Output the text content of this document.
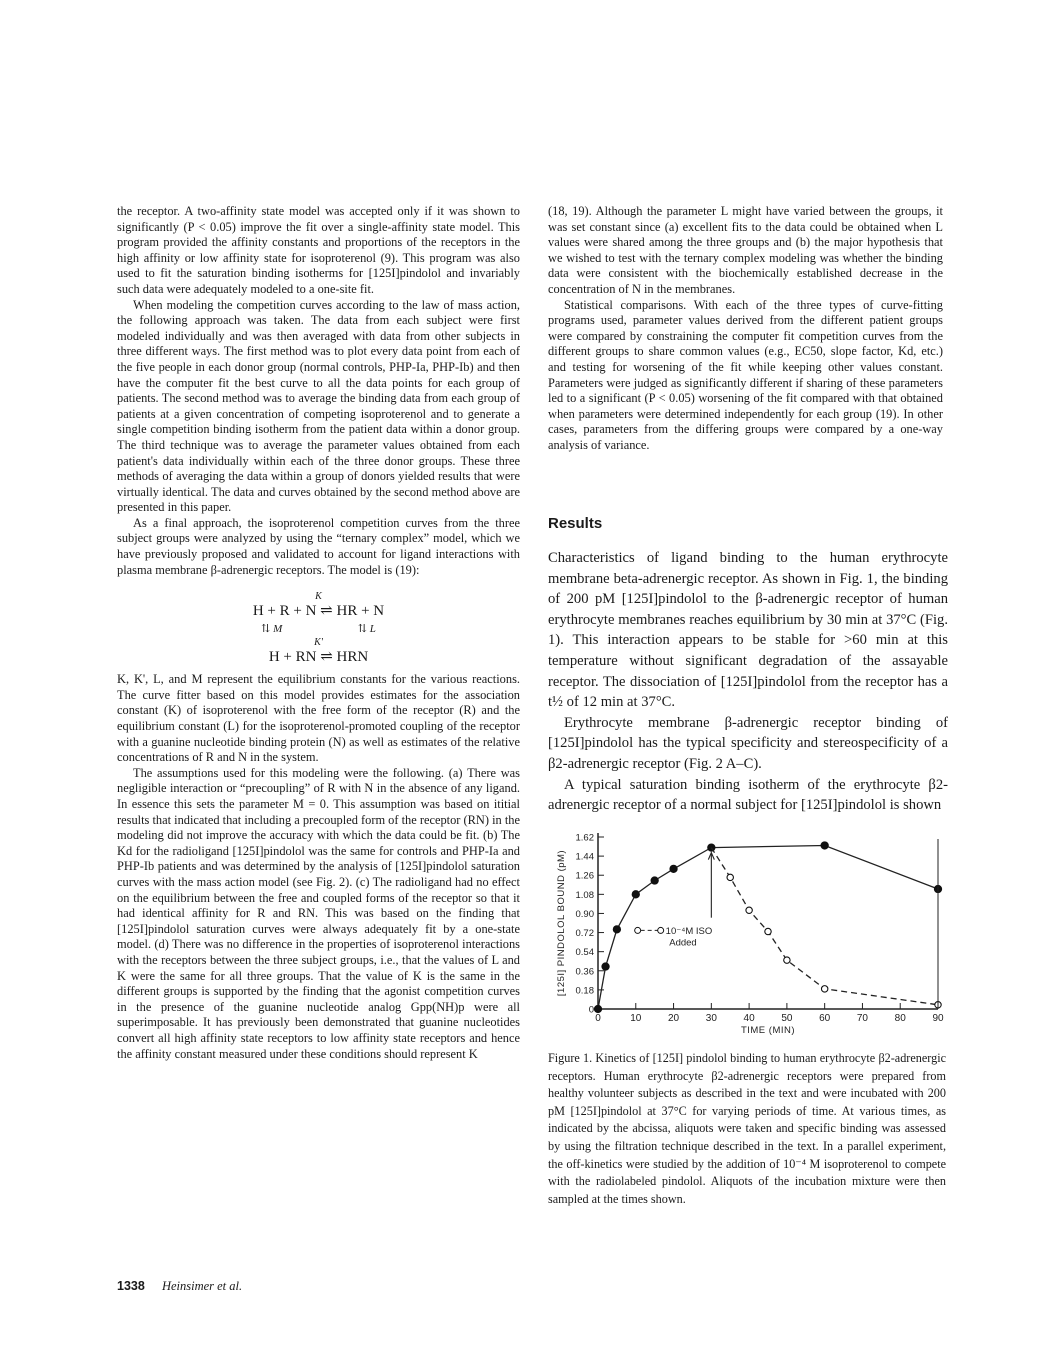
the receptor. A two-affinity state model was accepted only if it was shown to significantly (P < 0.05) improve the fit over a single-affinity state model. This program provided the affinity constants and proportions of the receptors in the high affinity or low affinity state for isoproterenol (9). This program was also used to fit the saturation binding isotherms for [125I]pindolol and invariably such data were adequately modeled to a one-site fit.

When modeling the competition curves according to the law of mass action, the following approach was taken. The data from each subject were first modeled individually and was then averaged with data from other subjects in three different ways. The first method was to plot every data point from each of the five people in each donor group (normal controls, PHP-Ia, PHP-Ib) and then have the computer fit the best curve to all the data points for each group of patients. The second method was to average the binding data from each group of patients at a given concentration of competing isoproterenol and to generate a single competition binding isotherm from the patient data within a donor group. The third technique was to average the parameter values obtained from each patient's data individually within each of the three donor groups. These three methods of averaging the data within a group of donors yielded results that were virtually identical. The data and curves obtained by the second method above are presented in this paper.

As a final approach, the isoproterenol competition curves from the three subject groups were analyzed by using the “ternary complex” model, which we have previously proposed and validated to account for ligand interactions with plasma membrane β-adrenergic receptors. The model is (19):

K
H + R + N ⇌ HR + N
⇅ M	⇅ L
K'
H + RN ⇌ HRN

K, K', L, and M represent the equilibrium constants for the various reactions. The curve fitter based on this model provides estimates for the association constant (K) of isoproterenol with the free form of the receptor (R) and the equilibrium constant (L) for the isoproterenol-promoted coupling of the receptor with a guanine nucleotide binding protein (N) as well as estimates of the relative concentrations of R and N in the system.

The assumptions used for this modeling were the following. (a) There was negligible interaction or “precoupling” of R with N in the absence of any ligand. In essence this sets the parameter M = 0. This assumption was based on ititial results that indicated that including a precoupled form of the receptor (RN) in the modeling did not improve the accuracy with which the data could be fit. (b) The Kd for the radioligand [125I]pindolol was the same for controls and PHP-Ia and PHP-Ib patients and was determined by the analysis of [125I]pindolol saturation curves with the mass action model (see Fig. 2). (c) The radioligand had no effect on the equilibrium between the free and coupled forms of the receptor so that it had identical affinity for R and RN. This was based on the finding that [125I]pindolol saturation curves were always adequately fit by a one-state model. (d) There was no difference in the properties of isoproterenol interactions with the receptors between the three subject groups, i.e., that the values of L and K were the same for all three groups. That the value of K is the same in the different groups is supported by the finding that the agonist competition curves in the presence of the guanine nucleotide analog Gpp(NH)p were all superimposable. It has previously been demonstrated that guanine nucleotides convert all high affinity state receptors to low affinity state receptors and hence the affinity constant measured under these conditions should represent K

(18, 19). Although the parameter L might have varied between the groups, it was set constant since (a) excellent fits to the data could be obtained when L values were shared among the three groups and (b) the major hypothesis that we wished to test with the ternary complex modeling was whether the binding data were consistent with the biochemically established decrease in the concentration of N in the membranes.

Statistical comparisons. With each of the three types of curve-fitting programs used, parameter values derived from the different patient groups were compared by constraining the computer fit competition curves from the different groups to share common values (e.g., EC50, slope factor, Kd, etc.) and testing for worsening of the fit while keeping other values constant. Parameters were judged as significantly different if sharing of these parameters led to a significant (P < 0.05) worsening of the fit compared with that obtained when parameters were determined independently for each group (19). In other cases, parameters from the differing groups were compared by a one-way analysis of variance.

Results

Characteristics of ligand binding to the human erythrocyte membrane beta-adrenergic receptor. As shown in Fig. 1, the binding of 200 pM [125I]pindolol to the β-adrenergic receptor of human erythrocyte membranes reaches equilibrium by 30 min at 37°C (Fig. 1). This interaction appears to be stable for >60 min at this temperature without significant degradation of the assayable receptor. The dissociation of [125I]pindolol from the receptor has a t½ of 12 min at 37°C.

Erythrocyte membrane β-adrenergic receptor binding of [125I]pindolol has the typical specificity and stereospecificity of a β2-adrenergic receptor (Fig. 2 A–C).

A typical saturation binding isotherm of the erythrocyte β2-adrenergic receptor of a normal subject for [125I]pindolol is shown

0	10	20	30	40	50	60	70	80	90
0
0.18
0.36
0.54
0.72
0.90
1.08
1.26
1.44
1.62
TIME (MIN)
[125I] PINDOLOL BOUND (pM)	10⁻⁴M ISO
Added
Figure 1. Kinetics of [125I] pindolol binding to human erythrocyte β2-adrenergic receptors. Human erythrocyte β2-adrenergic receptors were prepared from healthy volunteer subjects as described in the text and were incubated with 200 pM [125I]pindolol at 37°C for varying periods of time. At various times, as indicated by the abcissa, aliquots were taken and specific binding was assessed by using the filtration technique described in the text. In a parallel experiment, the off-kinetics were studied by the addition of 10⁻⁴ M isoproterenol to compete with the radiolabeled pindolol. Aliquots of the incubation mixture were then sampled at the times shown.
1338 Heinsimer et al.
